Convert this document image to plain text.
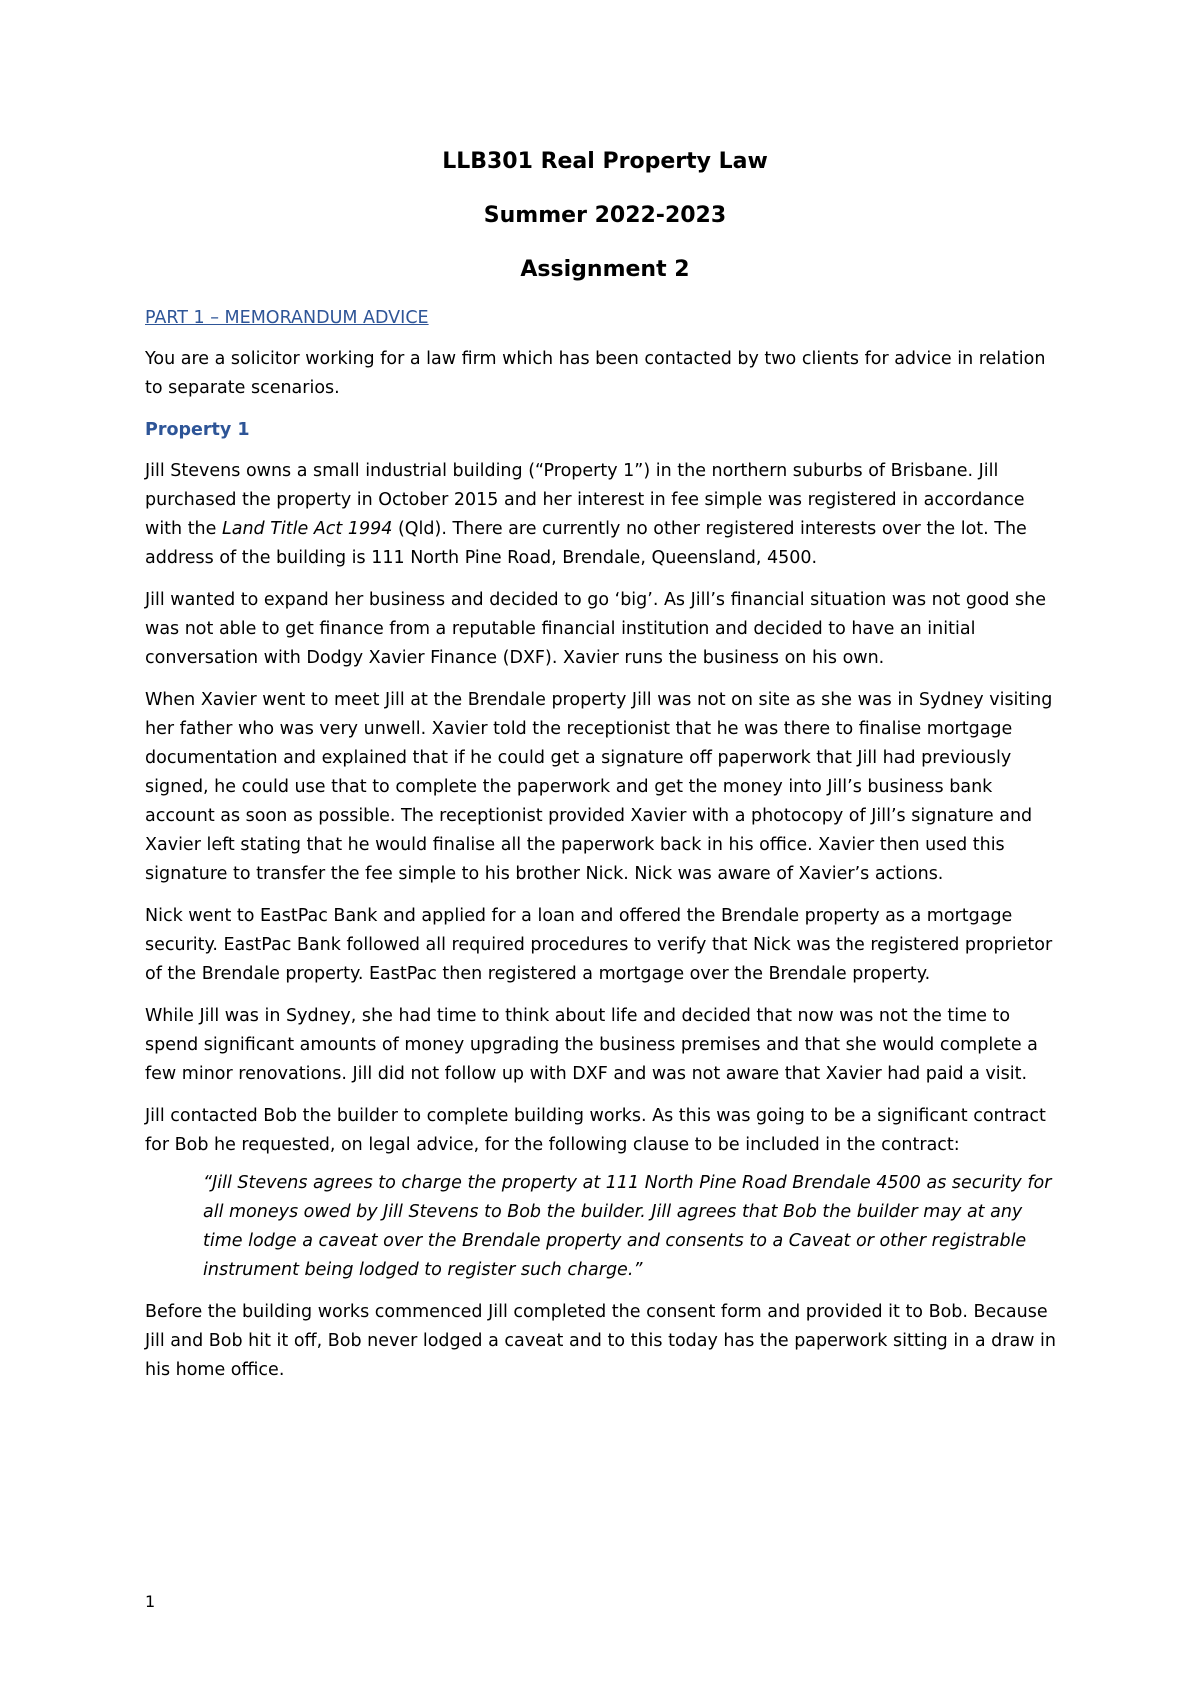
LLB301 Real Property Law

Summer 2022-2023

Assignment 2

PART 1 – MEMORANDUM ADVICE

You are a solicitor working for a law firm which has been contacted by two clients for advice in relation to separate scenarios.

Property 1

Jill Stevens owns a small industrial building (“Property 1”) in the northern suburbs of Brisbane. Jill purchased the property in October 2015 and her interest in fee simple was registered in accordance with the Land Title Act 1994 (Qld). There are currently no other registered interests over the lot. The address of the building is 111 North Pine Road, Brendale, Queensland, 4500.

Jill wanted to expand her business and decided to go ‘big’. As Jill’s financial situation was not good she was not able to get finance from a reputable financial institution and decided to have an initial conversation with Dodgy Xavier Finance (DXF). Xavier runs the business on his own.

When Xavier went to meet Jill at the Brendale property Jill was not on site as she was in Sydney visiting her father who was very unwell. Xavier told the receptionist that he was there to finalise mortgage documentation and explained that if he could get a signature off paperwork that Jill had previously signed, he could use that to complete the paperwork and get the money into Jill’s business bank account as soon as possible. The receptionist provided Xavier with a photocopy of Jill’s signature and Xavier left stating that he would finalise all the paperwork back in his office. Xavier then used this signature to transfer the fee simple to his brother Nick. Nick was aware of Xavier’s actions.

Nick went to EastPac Bank and applied for a loan and offered the Brendale property as a mortgage security. EastPac Bank followed all required procedures to verify that Nick was the registered proprietor of the Brendale property. EastPac then registered a mortgage over the Brendale property.

While Jill was in Sydney, she had time to think about life and decided that now was not the time to spend significant amounts of money upgrading the business premises and that she would complete a few minor renovations. Jill did not follow up with DXF and was not aware that Xavier had paid a visit.

Jill contacted Bob the builder to complete building works. As this was going to be a significant contract for Bob he requested, on legal advice, for the following clause to be included in the contract:

“Jill Stevens agrees to charge the property at 111 North Pine Road Brendale 4500 as security for all moneys owed by Jill Stevens to Bob the builder. Jill agrees that Bob the builder may at any time lodge a caveat over the Brendale property and consents to a Caveat or other registrable instrument being lodged to register such charge.”

Before the building works commenced Jill completed the consent form and provided it to Bob. Because Jill and Bob hit it off, Bob never lodged a caveat and to this today has the paperwork sitting in a draw in his home office.

1
